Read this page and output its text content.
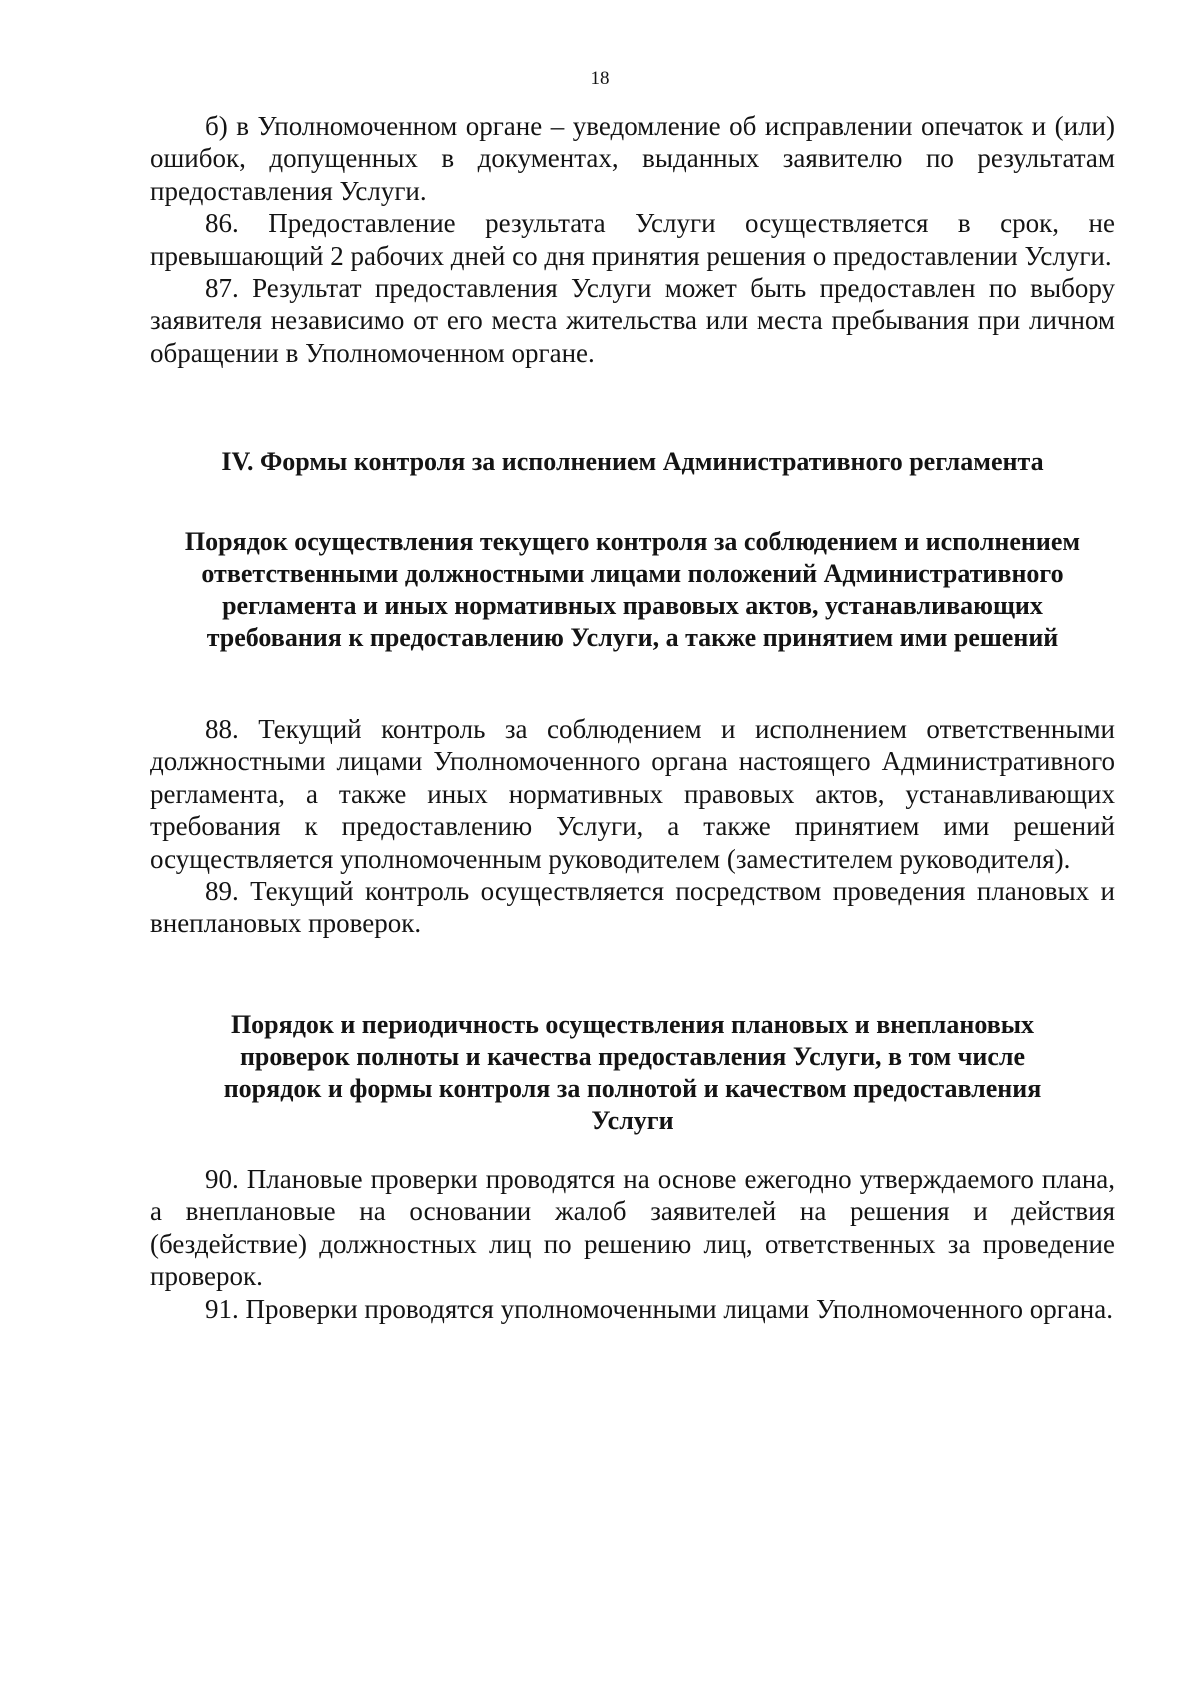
18

б) в Уполномоченном органе – уведомление об исправлении опечаток и (или) ошибок, допущенных в документах, выданных заявителю по результатам предоставления Услуги.

86. Предоставление результата Услуги осуществляется в срок, не превышающий 2 рабочих дней со дня принятия решения о предоставлении Услуги.

87. Результат предоставления Услуги может быть предоставлен по выбору заявителя независимо от его места жительства или места пребывания при личном обращении в Уполномоченном органе.

IV. Формы контроля за исполнением Административного регламента
Порядок осуществления текущего контроля за соблюдением и исполнением ответственными должностными лицами положений Административного регламента и иных нормативных правовых актов, устанавливающих требования к предоставлению Услуги, а также принятием ими решений

88. Текущий контроль за соблюдением и исполнением ответственными должностными лицами Уполномоченного органа настоящего Административного регламента, а также иных нормативных правовых актов, устанавливающих требования к предоставлению Услуги, а также принятием ими решений осуществляется уполномоченным руководителем (заместителем руководителя).

89. Текущий контроль осуществляется посредством проведения плановых и внеплановых проверок.

Порядок и периодичность осуществления плановых и внеплановых проверок полноты и качества предоставления Услуги, в том числе порядок и формы контроля за полнотой и качеством предоставления Услуги

90. Плановые проверки проводятся на основе ежегодно утверждаемого плана, а внеплановые на основании жалоб заявителей на решения и действия (бездействие) должностных лиц по решению лиц, ответственных за проведение проверок.

91. Проверки проводятся уполномоченными лицами Уполномоченного органа.
